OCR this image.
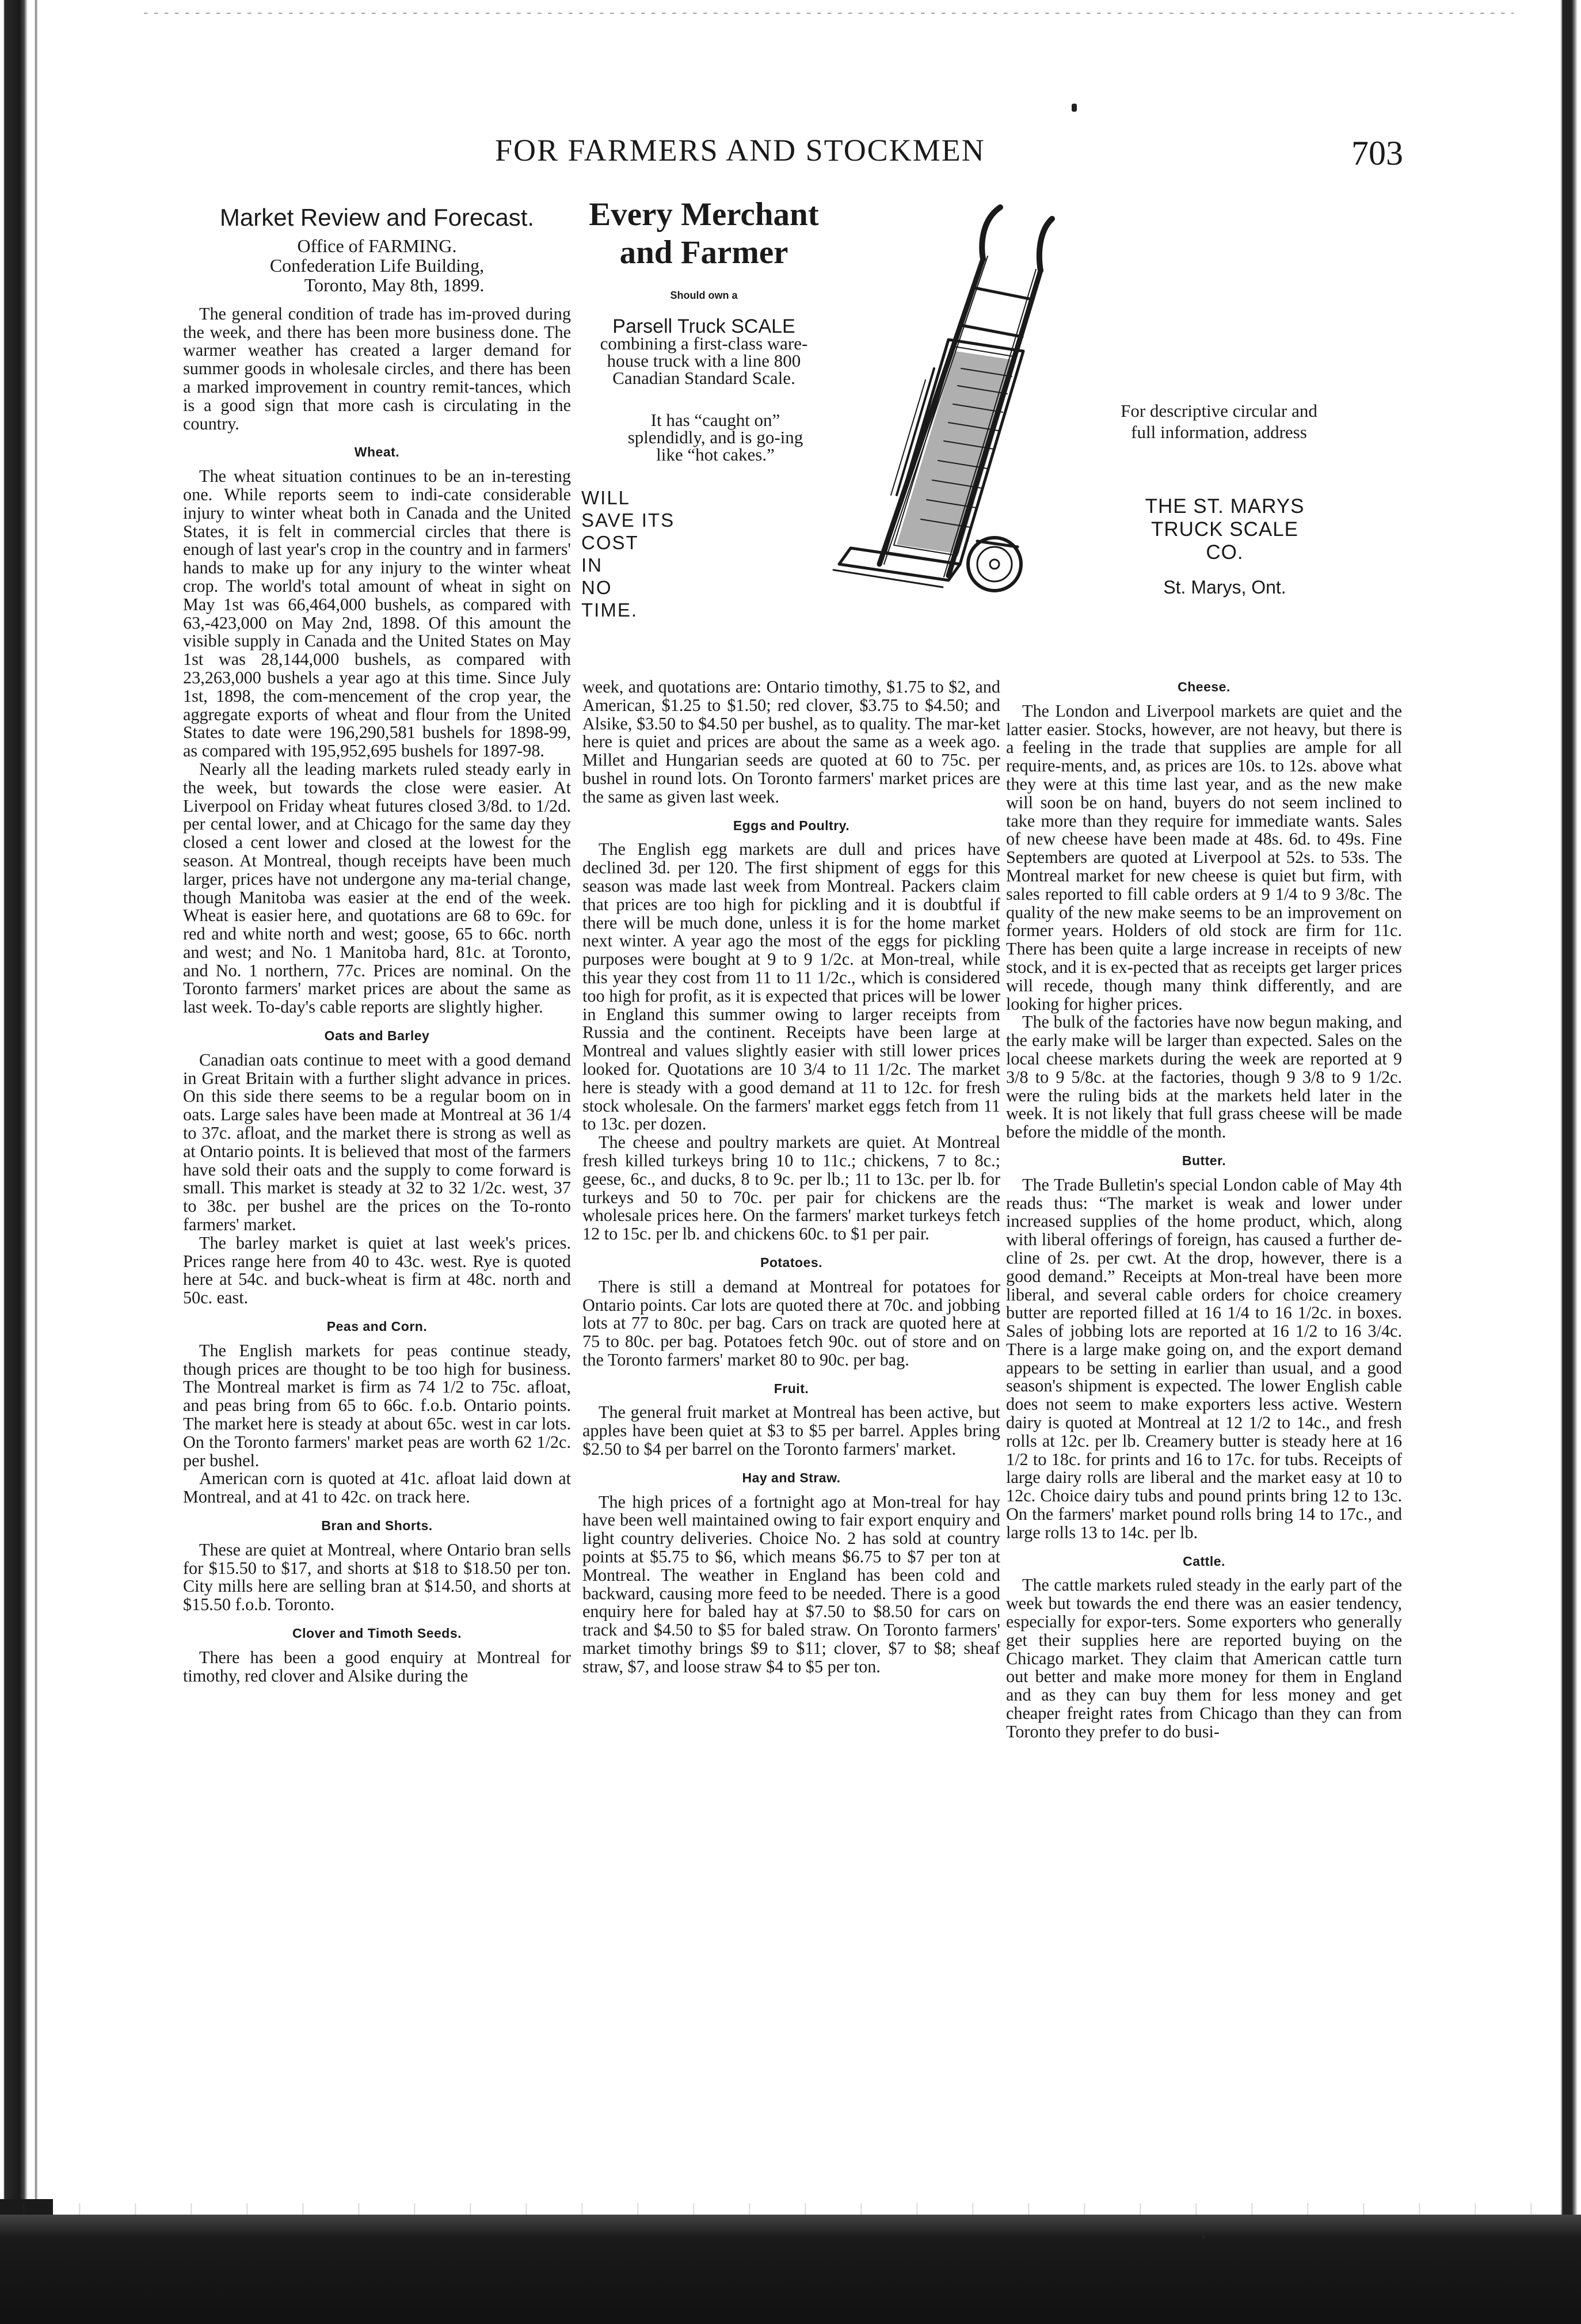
FOR FARMERS AND STOCKMEN	703
Every Merchant
and Farmer
Should own a
Parsell Truck SCALE
combining a first-class ware-house truck with a line 800 Canadian Standard Scale.
It has “caught on” splendidly, and is go-ing like “hot cakes.”
WILL
SAVE ITS
COST
IN
NO
TIME.
For descriptive circular and full information, address
THE ST. MARYS
TRUCK SCALE
CO.
St. Marys, Ont.
Market Review and Forecast.
Office of FARMING.
Confederation Life Building,
Toronto, May 8th, 1899.

The general condition of trade has im-proved during the week, and there has been more business done. The warmer weather has created a larger demand for summer goods in wholesale circles, and there has been a marked improvement in country remit-tances, which is a good sign that more cash is circulating in the country.

Wheat.

The wheat situation continues to be an in-teresting one. While reports seem to indi-cate considerable injury to winter wheat both in Canada and the United States, it is felt in commercial circles that there is enough of last year's crop in the country and in farmers' hands to make up for any injury to the winter wheat crop. The world's total amount of wheat in sight on May 1st was 66,464,000 bushels, as compared with 63,-423,000 on May 2nd, 1898. Of this amount the visible supply in Canada and the United States on May 1st was 28,144,000 bushels, as compared with 23,263,000 bushels a year ago at this time. Since July 1st, 1898, the com-mencement of the crop year, the aggregate exports of wheat and flour from the United States to date were 196,290,581 bushels for 1898-99, as compared with 195,952,695 bushels for 1897-98.

Nearly all the leading markets ruled steady early in the week, but towards the close were easier. At Liverpool on Friday wheat futures closed 3/8d. to 1/2d. per cental lower, and at Chicago for the same day they closed a cent lower and closed at the lowest for the season. At Montreal, though receipts have been much larger, prices have not undergone any ma-terial change, though Manitoba was easier at the end of the week. Wheat is easier here, and quotations are 68 to 69c. for red and white north and west; goose, 65 to 66c. north and west; and No. 1 Manitoba hard, 81c. at Toronto, and No. 1 northern, 77c. Prices are nominal. On the Toronto farmers' market prices are about the same as last week. To-day's cable reports are slightly higher.

Oats and Barley

Canadian oats continue to meet with a good demand in Great Britain with a further slight advance in prices. On this side there seems to be a regular boom on in oats. Large sales have been made at Montreal at 36 1/4 to 37c. afloat, and the market there is strong as well as at Ontario points. It is believed that most of the farmers have sold their oats and the supply to come forward is small. This market is steady at 32 to 32 1/2c. west, 37 to 38c. per bushel are the prices on the To-ronto farmers' market.

The barley market is quiet at last week's prices. Prices range here from 40 to 43c. west. Rye is quoted here at 54c. and buck-wheat is firm at 48c. north and 50c. east.

Peas and Corn.

The English markets for peas continue steady, though prices are thought to be too high for business. The Montreal market is firm as 74 1/2 to 75c. afloat, and peas bring from 65 to 66c. f.o.b. Ontario points. The market here is steady at about 65c. west in car lots. On the Toronto farmers' market peas are worth 62 1/2c. per bushel.

American corn is quoted at 41c. afloat laid down at Montreal, and at 41 to 42c. on track here.

Bran and Shorts.

These are quiet at Montreal, where Ontario bran sells for $15.50 to $17, and shorts at $18 to $18.50 per ton. City mills here are selling bran at $14.50, and shorts at $15.50 f.o.b. Toronto.

Clover and Timoth Seeds.

There has been a good enquiry at Montreal for timothy, red clover and Alsike during the

week, and quotations are: Ontario timothy, $1.75 to $2, and American, $1.25 to $1.50; red clover, $3.75 to $4.50; and Alsike, $3.50 to $4.50 per bushel, as to quality. The mar-ket here is quiet and prices are about the same as a week ago. Millet and Hungarian seeds are quoted at 60 to 75c. per bushel in round lots. On Toronto farmers' market prices are the same as given last week.

Eggs and Poultry.

The English egg markets are dull and prices have declined 3d. per 120. The first shipment of eggs for this season was made last week from Montreal. Packers claim that prices are too high for pickling and it is doubtful if there will be much done, unless it is for the home market next winter. A year ago the most of the eggs for pickling purposes were bought at 9 to 9 1/2c. at Mon-treal, while this year they cost from 11 to 11 1/2c., which is considered too high for profit, as it is expected that prices will be lower in England this summer owing to larger receipts from Russia and the continent. Receipts have been large at Montreal and values slightly easier with still lower prices looked for. Quotations are 10 3/4 to 11 1/2c. The market here is steady with a good demand at 11 to 12c. for fresh stock wholesale. On the farmers' market eggs fetch from 11 to 13c. per dozen.

The cheese and poultry markets are quiet. At Montreal fresh killed turkeys bring 10 to 11c.; chickens, 7 to 8c.; geese, 6c., and ducks, 8 to 9c. per lb.; 11 to 13c. per lb. for turkeys and 50 to 70c. per pair for chickens are the wholesale prices here. On the farmers' market turkeys fetch 12 to 15c. per lb. and chickens 60c. to $1 per pair.

Potatoes.

There is still a demand at Montreal for potatoes for Ontario points. Car lots are quoted there at 70c. and jobbing lots at 77 to 80c. per bag. Cars on track are quoted here at 75 to 80c. per bag. Potatoes fetch 90c. out of store and on the Toronto farmers' market 80 to 90c. per bag.

Fruit.

The general fruit market at Montreal has been active, but apples have been quiet at $3 to $5 per barrel. Apples bring $2.50 to $4 per barrel on the Toronto farmers' market.

Hay and Straw.

The high prices of a fortnight ago at Mon-treal for hay have been well maintained owing to fair export enquiry and light country deliveries. Choice No. 2 has sold at country points at $5.75 to $6, which means $6.75 to $7 per ton at Montreal. The weather in England has been cold and backward, causing more feed to be needed. There is a good enquiry here for baled hay at $7.50 to $8.50 for cars on track and $4.50 to $5 for baled straw. On Toronto farmers' market timothy brings $9 to $11; clover, $7 to $8; sheaf straw, $7, and loose straw $4 to $5 per ton.

Cheese.

The London and Liverpool markets are quiet and the latter easier. Stocks, however, are not heavy, but there is a feeling in the trade that supplies are ample for all require-ments, and, as prices are 10s. to 12s. above what they were at this time last year, and as the new make will soon be on hand, buyers do not seem inclined to take more than they require for immediate wants. Sales of new cheese have been made at 48s. 6d. to 49s. Fine Septembers are quoted at Liverpool at 52s. to 53s. The Montreal market for new cheese is quiet but firm, with sales reported to fill cable orders at 9 1/4 to 9 3/8c. The quality of the new make seems to be an improvement on former years. Holders of old stock are firm for 11c. There has been quite a large increase in receipts of new stock, and it is ex-pected that as receipts get larger prices will recede, though many think differently, and are looking for higher prices.

The bulk of the factories have now begun making, and the early make will be larger than expected. Sales on the local cheese markets during the week are reported at 9 3/8 to 9 5/8c. at the factories, though 9 3/8 to 9 1/2c. were the ruling bids at the markets held later in the week. It is not likely that full grass cheese will be made before the middle of the month.

Butter.

The Trade Bulletin's special London cable of May 4th reads thus: “The market is weak and lower under increased supplies of the home product, which, along with liberal offerings of foreign, has caused a further de-cline of 2s. per cwt. At the drop, however, there is a good demand.” Receipts at Mon-treal have been more liberal, and several cable orders for choice creamery butter are reported filled at 16 1/4 to 16 1/2c. in boxes. Sales of jobbing lots are reported at 16 1/2 to 16 3/4c. There is a large make going on, and the export demand appears to be setting in earlier than usual, and a good season's shipment is expected. The lower English cable does not seem to make exporters less active. Western dairy is quoted at Montreal at 12 1/2 to 14c., and fresh rolls at 12c. per lb. Creamery butter is steady here at 16 1/2 to 18c. for prints and 16 to 17c. for tubs. Receipts of large dairy rolls are liberal and the market easy at 10 to 12c. Choice dairy tubs and pound prints bring 12 to 13c. On the farmers' market pound rolls bring 14 to 17c., and large rolls 13 to 14c. per lb.

Cattle.

The cattle markets ruled steady in the early part of the week but towards the end there was an easier tendency, especially for expor-ters. Some exporters who generally get their supplies here are reported buying on the Chicago market. They claim that American cattle turn out better and make more money for them in England and as they can buy them for less money and get cheaper freight rates from Chicago than they can from Toronto they prefer to do busi-
